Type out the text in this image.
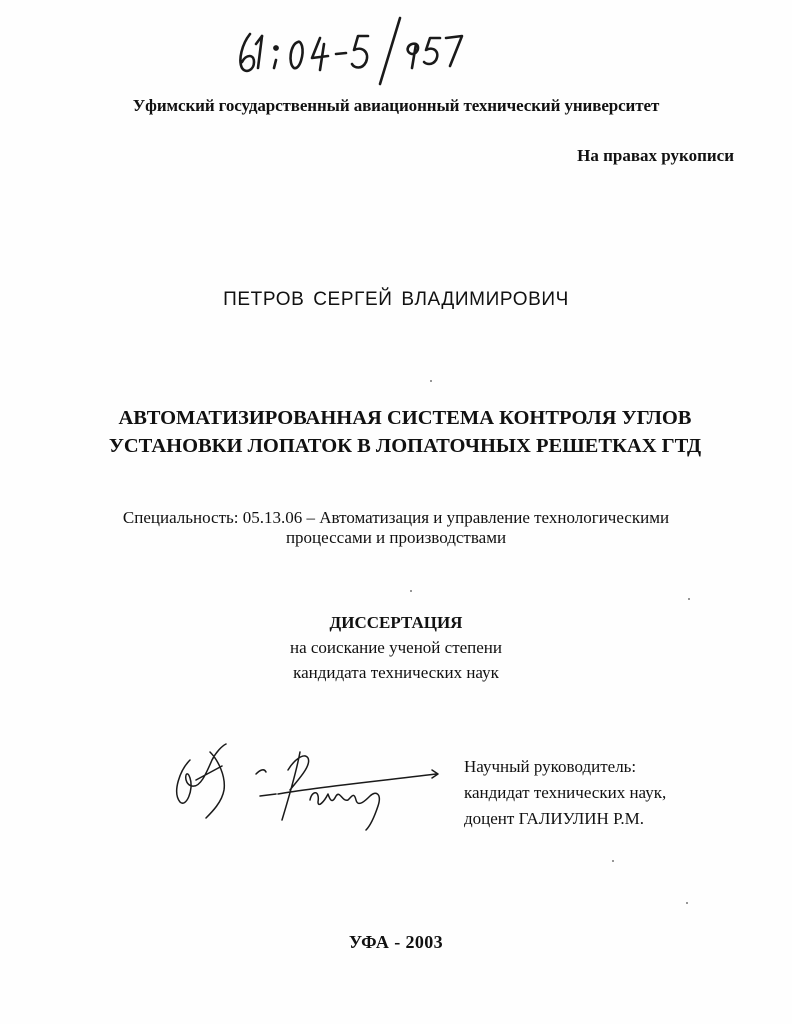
Уфимский государственный авиационный технический университет
На правах рукописи
ПЕТРОВ СЕРГЕЙ ВЛАДИМИРОВИЧ
АВТОМАТИЗИРОВАННАЯ СИСТЕМА КОНТРОЛЯ УГЛОВ
УСТАНОВКИ ЛОПАТОК В ЛОПАТОЧНЫХ РЕШЕТКАХ ГТД
Специальность: 05.13.06 – Автоматизация и управление технологическими
процессами и производствами
ДИССЕРТАЦИЯ
на соискание ученой степени
кандидата технических наук
Научный руководитель:
кандидат технических наук,
доцент ГАЛИУЛИН Р.М.
УФА - 2003
